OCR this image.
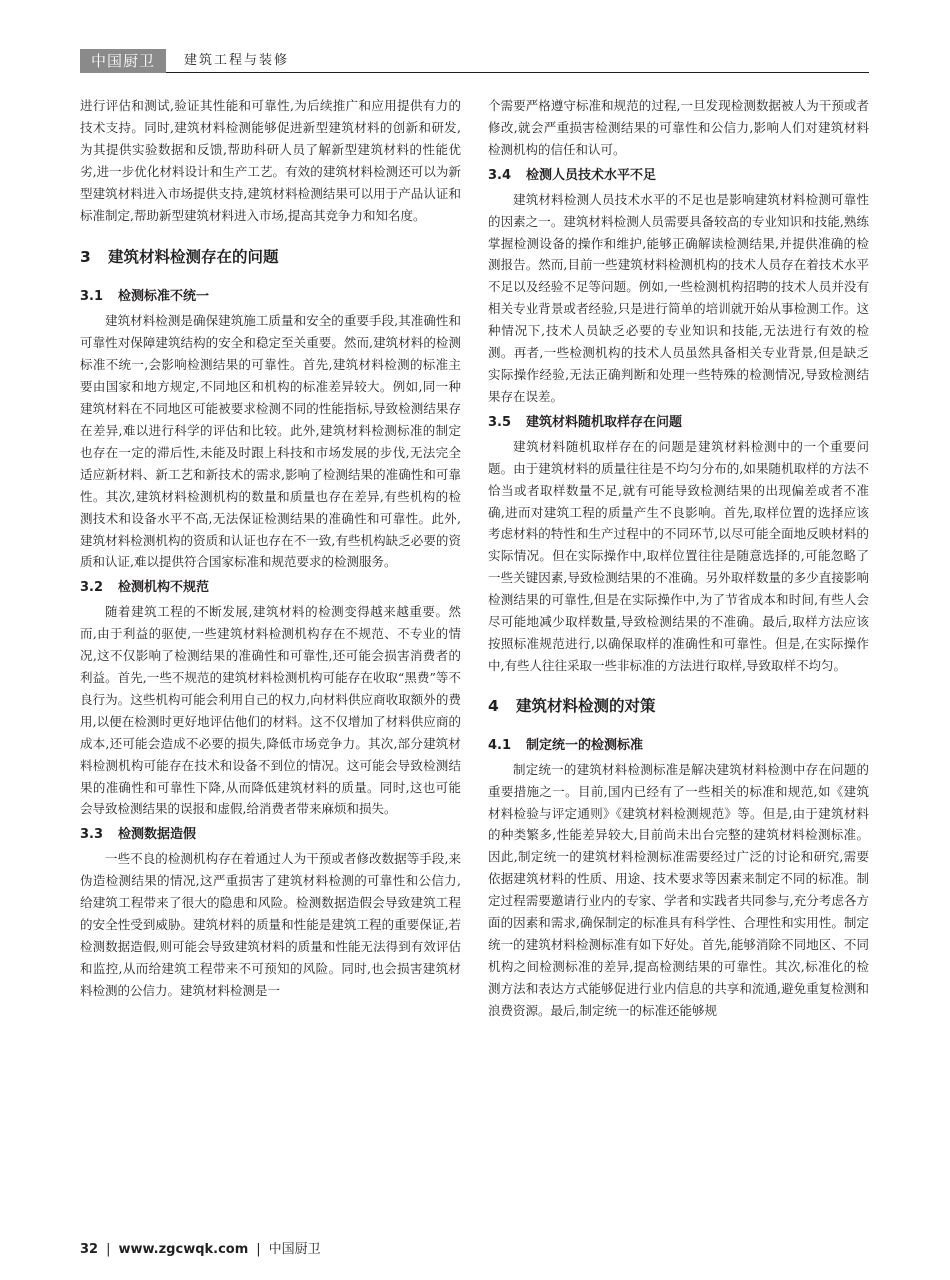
中国厨卫	建筑工程与装修

进行评估和测试,验证其性能和可靠性,为后续推广和应用提供有力的技术支持。同时,建筑材料检测能够促进新型建筑材料的创新和研发,为其提供实验数据和反馈,帮助科研人员了解新型建筑材料的性能优劣,进一步优化材料设计和生产工艺。有效的建筑材料检测还可以为新型建筑材料进入市场提供支持,建筑材料检测结果可以用于产品认证和标准制定,帮助新型建筑材料进入市场,提高其竞争力和知名度。

3 建筑材料检测存在的问题
3.1 检测标准不统一

建筑材料检测是确保建筑施工质量和安全的重要手段,其准确性和可靠性对保障建筑结构的安全和稳定至关重要。然而,建筑材料的检测标准不统一,会影响检测结果的可靠性。首先,建筑材料检测的标准主要由国家和地方规定,不同地区和机构的标准差异较大。例如,同一种建筑材料在不同地区可能被要求检测不同的性能指标,导致检测结果存在差异,难以进行科学的评估和比较。此外,建筑材料检测标准的制定也存在一定的滞后性,未能及时跟上科技和市场发展的步伐,无法完全适应新材料、新工艺和新技术的需求,影响了检测结果的准确性和可靠性。其次,建筑材料检测机构的数量和质量也存在差异,有些机构的检测技术和设备水平不高,无法保证检测结果的准确性和可靠性。此外,建筑材料检测机构的资质和认证也存在不一致,有些机构缺乏必要的资质和认证,难以提供符合国家标准和规范要求的检测服务。

3.2 检测机构不规范

随着建筑工程的不断发展,建筑材料的检测变得越来越重要。然而,由于利益的驱使,一些建筑材料检测机构存在不规范、不专业的情况,这不仅影响了检测结果的准确性和可靠性,还可能会损害消费者的利益。首先,一些不规范的建筑材料检测机构可能存在收取“黑费”等不良行为。这些机构可能会利用自己的权力,向材料供应商收取额外的费用,以便在检测时更好地评估他们的材料。这不仅增加了材料供应商的成本,还可能会造成不必要的损失,降低市场竞争力。其次,部分建筑材料检测机构可能存在技术和设备不到位的情况。这可能会导致检测结果的准确性和可靠性下降,从而降低建筑材料的质量。同时,这也可能会导致检测结果的误报和虚假,给消费者带来麻烦和损失。

3.3 检测数据造假

一些不良的检测机构存在着通过人为干预或者修改数据等手段,来伪造检测结果的情况,这严重损害了建筑材料检测的可靠性和公信力,给建筑工程带来了很大的隐患和风险。检测数据造假会导致建筑工程的安全性受到威胁。建筑材料的质量和性能是建筑工程的重要保证,若检测数据造假,则可能会导致建筑材料的质量和性能无法得到有效评估和监控,从而给建筑工程带来不可预知的风险。同时,也会损害建筑材料检测的公信力。建筑材料检测是一

个需要严格遵守标准和规范的过程,一旦发现检测数据被人为干预或者修改,就会严重损害检测结果的可靠性和公信力,影响人们对建筑材料检测机构的信任和认可。

3.4 检测人员技术水平不足

建筑材料检测人员技术水平的不足也是影响建筑材料检测可靠性的因素之一。建筑材料检测人员需要具备较高的专业知识和技能,熟练掌握检测设备的操作和维护,能够正确解读检测结果,并提供准确的检测报告。然而,目前一些建筑材料检测机构的技术人员存在着技术水平不足以及经验不足等问题。例如,一些检测机构招聘的技术人员并没有相关专业背景或者经验,只是进行简单的培训就开始从事检测工作。这种情况下,技术人员缺乏必要的专业知识和技能,无法进行有效的检测。再者,一些检测机构的技术人员虽然具备相关专业背景,但是缺乏实际操作经验,无法正确判断和处理一些特殊的检测情况,导致检测结果存在误差。

3.5 建筑材料随机取样存在问题

建筑材料随机取样存在的问题是建筑材料检测中的一个重要问题。由于建筑材料的质量往往是不均匀分布的,如果随机取样的方法不恰当或者取样数量不足,就有可能导致检测结果的出现偏差或者不准确,进而对建筑工程的质量产生不良影响。首先,取样位置的选择应该考虑材料的特性和生产过程中的不同环节,以尽可能全面地反映材料的实际情况。但在实际操作中,取样位置往往是随意选择的,可能忽略了一些关键因素,导致检测结果的不准确。另外取样数量的多少直接影响检测结果的可靠性,但是在实际操作中,为了节省成本和时间,有些人会尽可能地减少取样数量,导致检测结果的不准确。最后,取样方法应该按照标准规范进行,以确保取样的准确性和可靠性。但是,在实际操作中,有些人往往采取一些非标准的方法进行取样,导致取样不均匀。

4 建筑材料检测的对策
4.1 制定统一的检测标准

制定统一的建筑材料检测标准是解决建筑材料检测中存在问题的重要措施之一。目前,国内已经有了一些相关的标准和规范,如《建筑材料检验与评定通则》《建筑材料检测规范》等。但是,由于建筑材料的种类繁多,性能差异较大,目前尚未出台完整的建筑材料检测标准。因此,制定统一的建筑材料检测标准需要经过广泛的讨论和研究,需要依据建筑材料的性质、用途、技术要求等因素来制定不同的标准。制定过程需要邀请行业内的专家、学者和实践者共同参与,充分考虑各方面的因素和需求,确保制定的标准具有科学性、合理性和实用性。制定统一的建筑材料检测标准有如下好处。首先,能够消除不同地区、不同机构之间检测标准的差异,提高检测结果的可靠性。其次,标准化的检测方法和表达方式能够促进行业内信息的共享和流通,避免重复检测和浪费资源。最后,制定统一的标准还能够规

32 | www.zgcwqk.com | 中国厨卫
